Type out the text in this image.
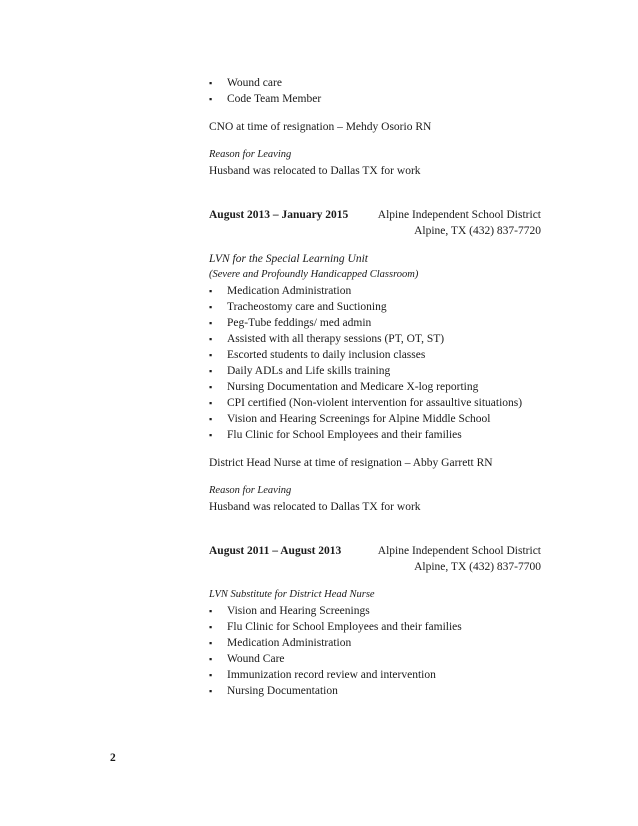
▪ Wound care
▪ Code Team Member
CNO at time of resignation – Mehdy Osorio RN
Reason for Leaving
Husband was relocated to Dallas TX for work
August 2013 – January 2015	Alpine Independent School District
Alpine, TX (432) 837-7720
LVN for the Special Learning Unit
(Severe and Profoundly Handicapped Classroom)
▪ Medication Administration
▪ Tracheostomy care and Suctioning
▪ Peg-Tube feddings/ med admin
▪ Assisted with all therapy sessions (PT, OT, ST)
▪ Escorted students to daily inclusion classes
▪ Daily ADLs and Life skills training
▪ Nursing Documentation and Medicare X-log reporting
▪ CPI certified (Non-violent intervention for assaultive situations)
▪ Vision and Hearing Screenings for Alpine Middle School
▪ Flu Clinic for School Employees and their families
District Head Nurse at time of resignation – Abby Garrett RN
Reason for Leaving
Husband was relocated to Dallas TX for work
August 2011 – August 2013	Alpine Independent School District
Alpine, TX (432) 837-7700
LVN Substitute for District Head Nurse
▪ Vision and Hearing Screenings
▪ Flu Clinic for School Employees and their families
▪ Medication Administration
▪ Wound Care
▪ Immunization record review and intervention
▪ Nursing Documentation
2
